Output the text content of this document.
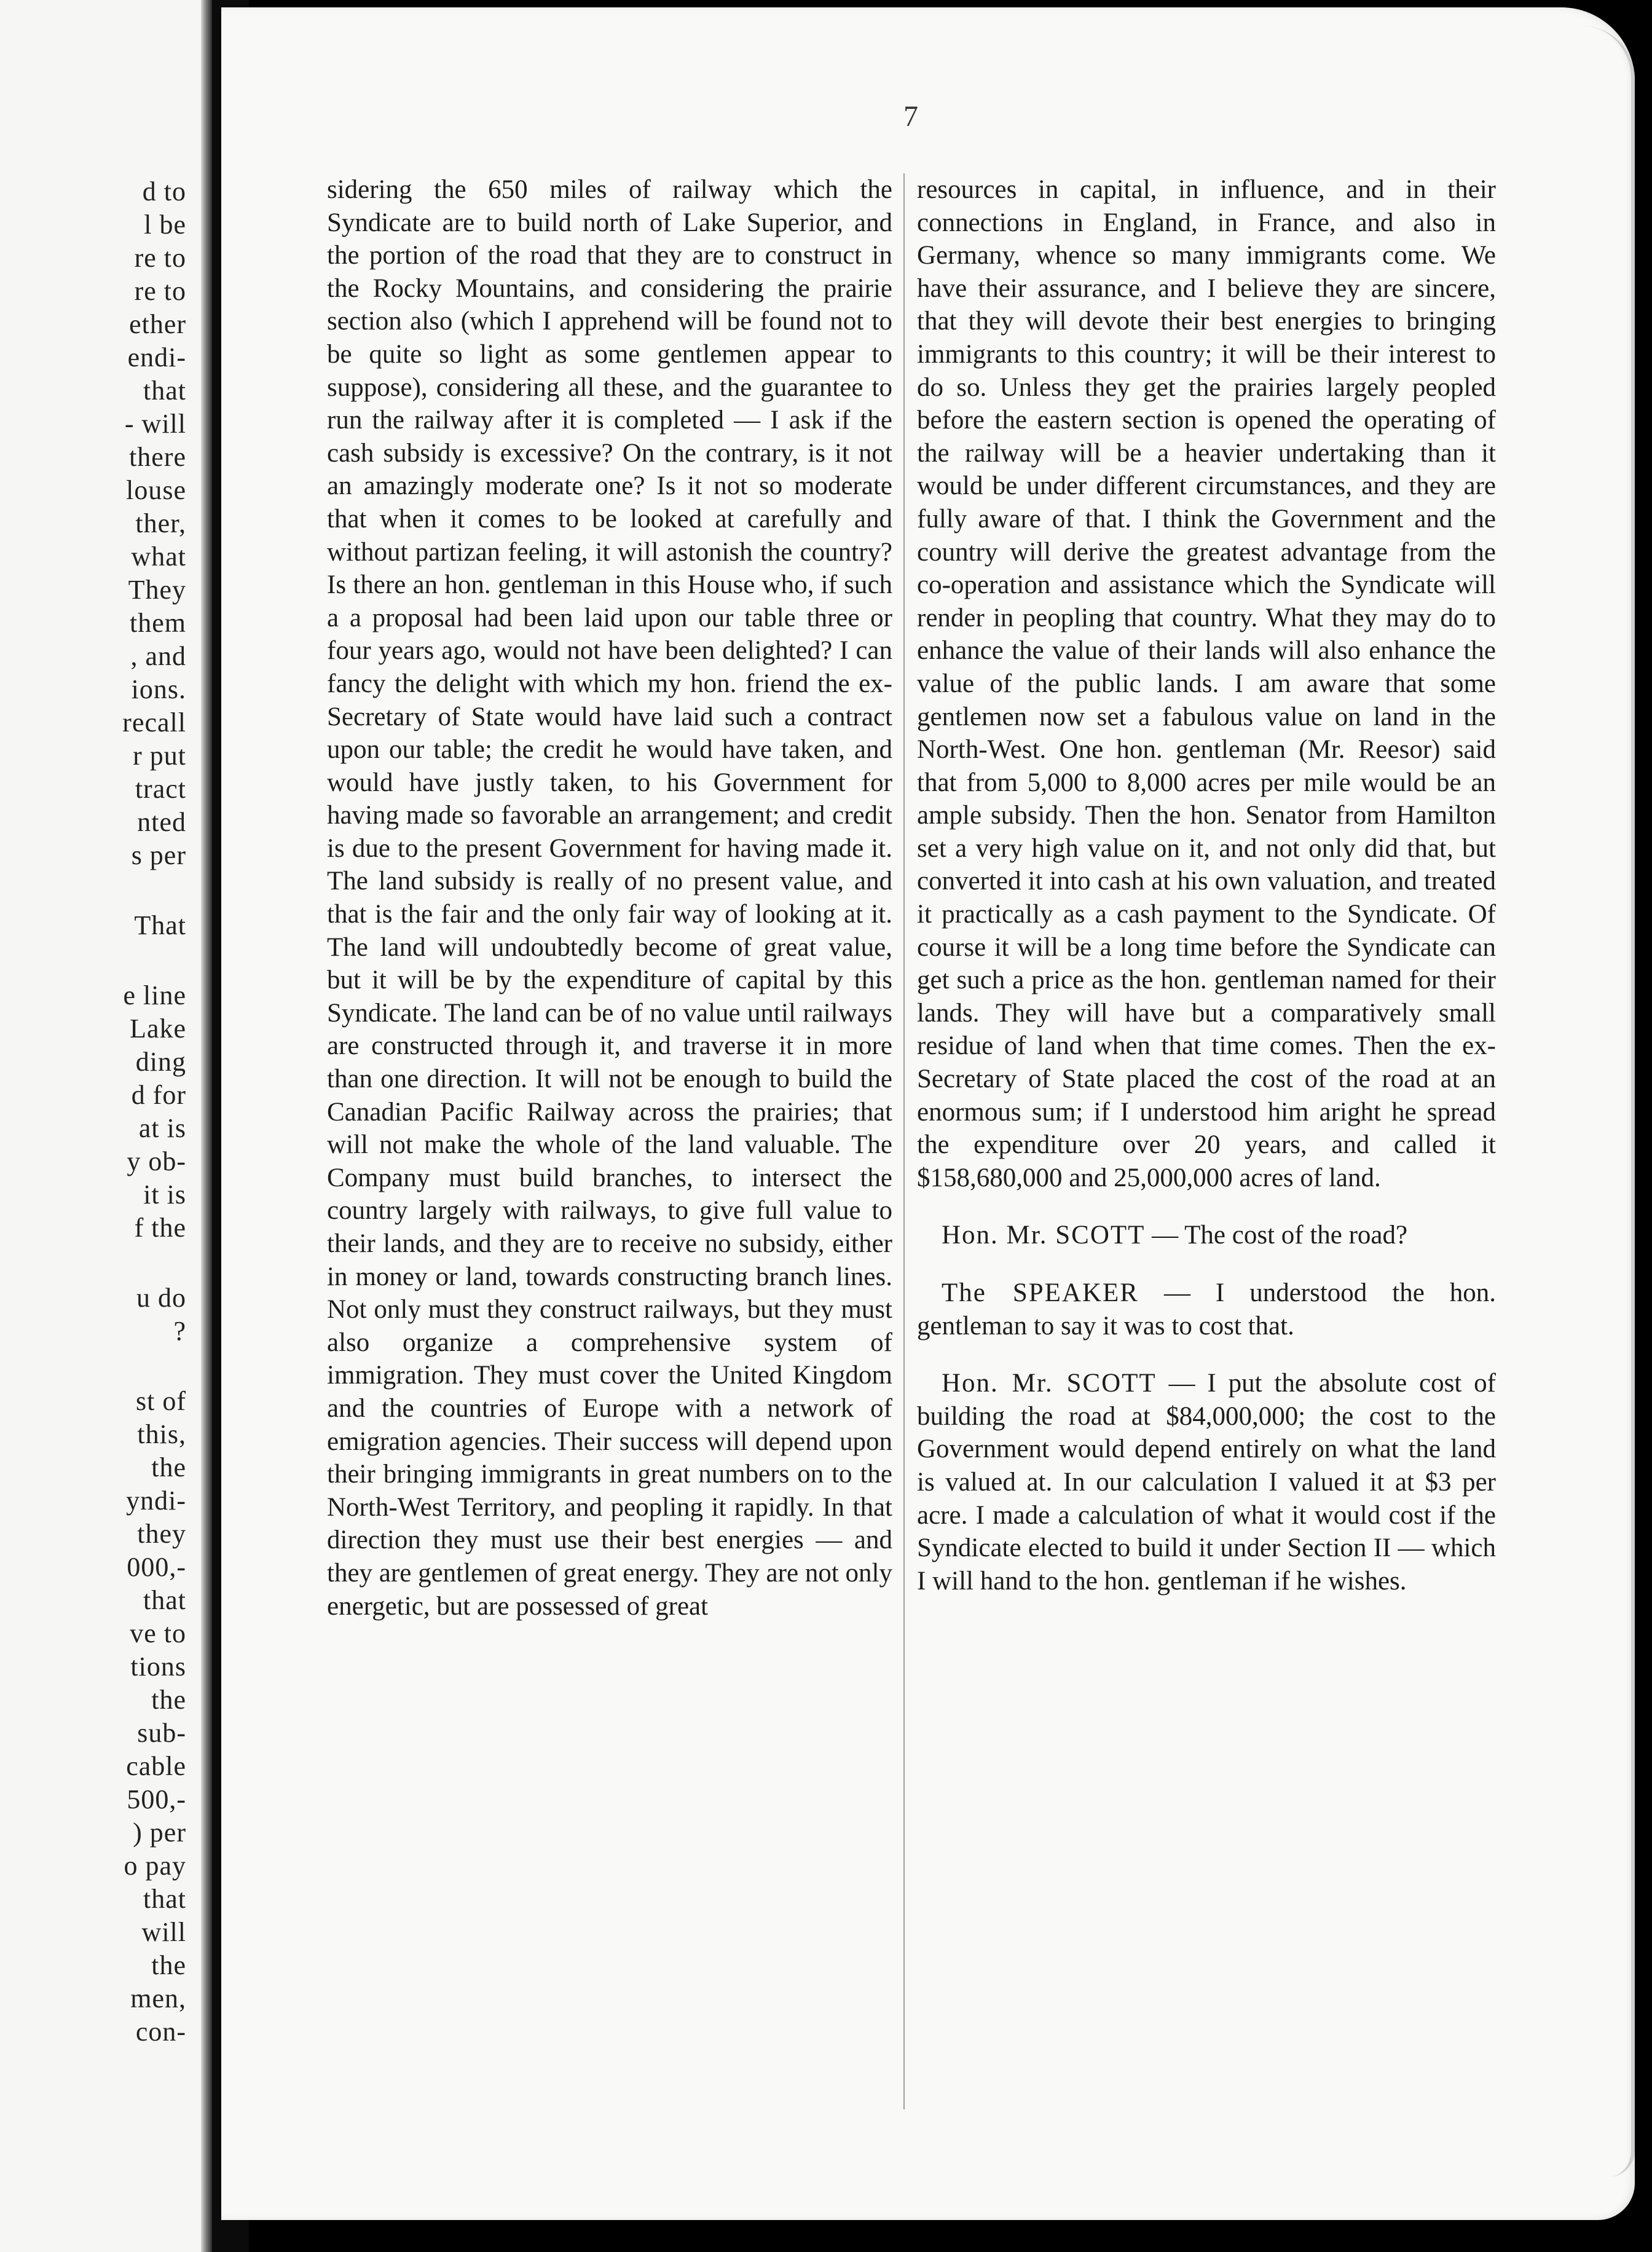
d to
l be
re to
re to
ether
endi-
that
- will
there
louse
ther,
what
They
them
, and
ions.
recall
r put
tract
nted
s per
That
e line
Lake
ding
d for
at is
y ob-
it is
f the
u do
?
st of
this,
the
yndi-
they
000,-
that
ve to
tions
the
sub-
cable
500,-
) per
o pay
that
will
the
men,
con-
7

sidering the 650 miles of railway which the Syndicate are to build north of Lake Superior, and the portion of the road that they are to construct in the Rocky Mountains, and considering the prairie section also (which I apprehend will be found not to be quite so light as some gentlemen appear to suppose), considering all these, and the guarantee to run the railway after it is completed — I ask if the cash subsidy is excessive? On the contrary, is it not an amazingly moderate one? Is it not so moderate that when it comes to be looked at carefully and without partizan feeling, it will astonish the country? Is there an hon. gentleman in this House who, if such a a proposal had been laid upon our table three or four years ago, would not have been delighted? I can fancy the delight with which my hon. friend the ex-Secretary of State would have laid such a contract upon our table; the credit he would have taken, and would have justly taken, to his Government for having made so favorable an arrangement; and credit is due to the present Government for having made it. The land subsidy is really of no present value, and that is the fair and the only fair way of looking at it. The land will undoubtedly become of great value, but it will be by the expenditure of capital by this Syndicate. The land can be of no value until railways are constructed through it, and traverse it in more than one direction. It will not be enough to build the Canadian Pacific Railway across the prairies; that will not make the whole of the land valuable. The Company must build branches, to intersect the country largely with railways, to give full value to their lands, and they are to receive no subsidy, either in money or land, towards constructing branch lines. Not only must they construct railways, but they must also organize a comprehensive system of immigration. They must cover the United Kingdom and the countries of Europe with a network of emigration agencies. Their success will depend upon their bringing immigrants in great numbers on to the North-West Territory, and peopling it rapidly. In that direction they must use their best energies — and they are gentlemen of great energy. They are not only energetic, but are possessed of great

resources in capital, in influence, and in their connections in England, in France, and also in Germany, whence so many immigrants come. We have their assurance, and I believe they are sincere, that they will devote their best energies to bringing immigrants to this country; it will be their interest to do so. Unless they get the prairies largely peopled before the eastern section is opened the operating of the railway will be a heavier undertaking than it would be under different circumstances, and they are fully aware of that. I think the Government and the country will derive the greatest advantage from the co-operation and assistance which the Syndicate will render in peopling that country. What they may do to enhance the value of their lands will also enhance the value of the public lands. I am aware that some gentlemen now set a fabulous value on land in the North-West. One hon. gentleman (Mr. Reesor) said that from 5,000 to 8,000 acres per mile would be an ample subsidy. Then the hon. Senator from Hamilton set a very high value on it, and not only did that, but converted it into cash at his own valuation, and treated it practically as a cash payment to the Syndicate. Of course it will be a long time before the Syndicate can get such a price as the hon. gentleman named for their lands. They will have but a comparatively small residue of land when that time comes. Then the ex-Secretary of State placed the cost of the road at an enormous sum; if I understood him aright he spread the expenditure over 20 years, and called it $158,680,000 and 25,000,000 acres of land.

Hon. Mr. SCOTT — The cost of the road?

The SPEAKER — I understood the hon. gentleman to say it was to cost that.

Hon. Mr. SCOTT — I put the absolute cost of building the road at $84,000,000; the cost to the Government would depend entirely on what the land is valued at. In our calculation I valued it at $3 per acre. I made a calculation of what it would cost if the Syndicate elected to build it under Section II — which I will hand to the hon. gentleman if he wishes.
